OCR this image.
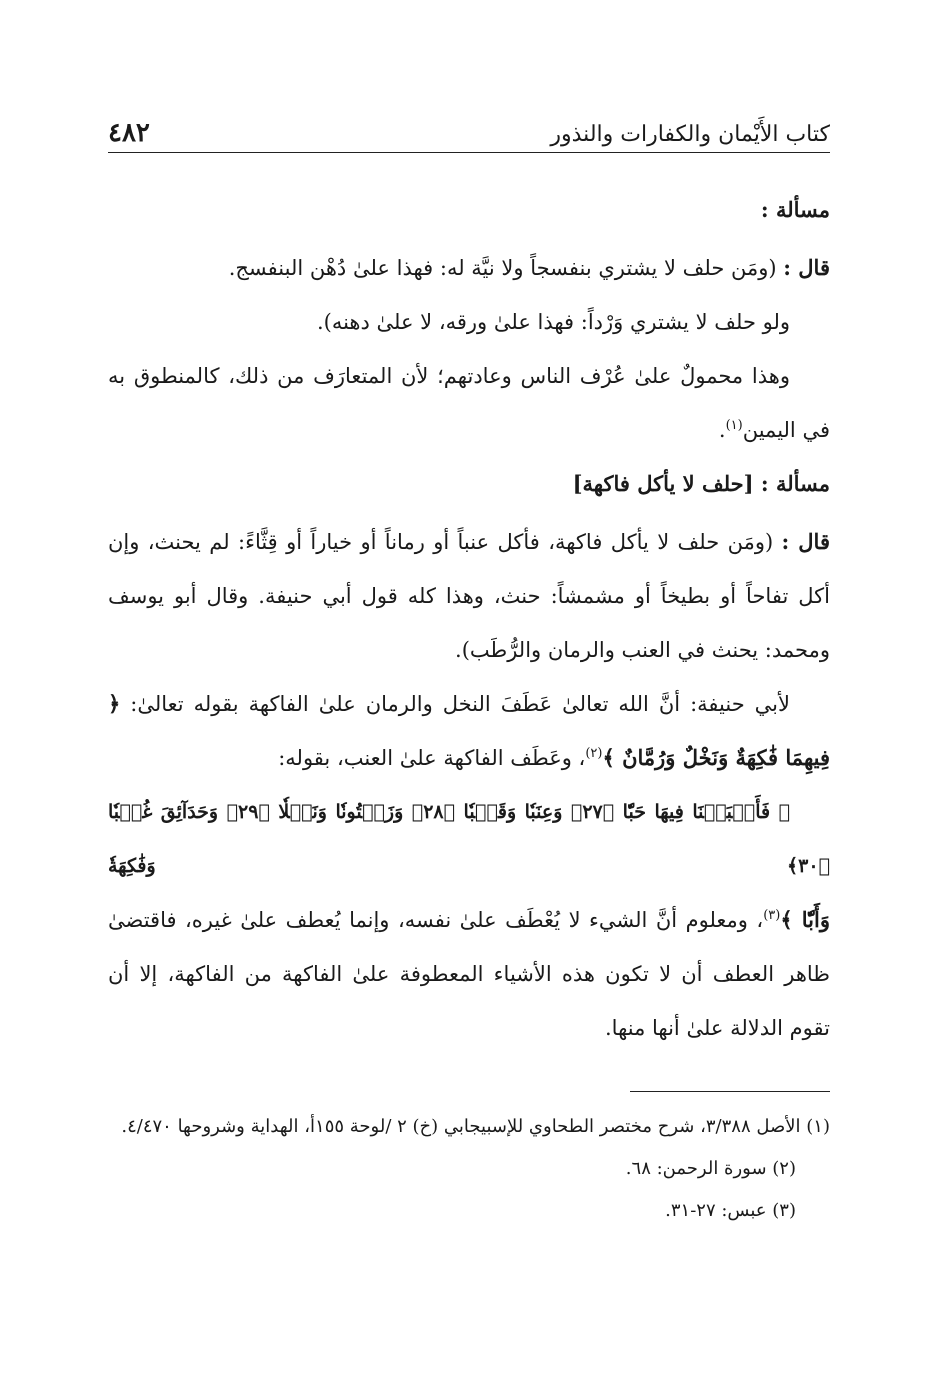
كتاب الأَيْمان والكفارات والنذور
٤٨٢

مسألة :

قال : (ومَن حلف لا يشتري بنفسجاً ولا نيَّة له: فهذا علىٰ دُهْن البنفسج.

ولو حلف لا يشتري وَرْداً: فهذا علىٰ ورقه، لا علىٰ دهنه).

وهذا محمولٌ علىٰ عُرْف الناس وعادتهم؛ لأن المتعارَف من ذلك، كالمنطوق به في اليمين$^{(١)}$.

مسألة : [حلف لا يأكل فاكهة]

قال : (ومَن حلف لا يأكل فاكهة، فأكل عنباً أو رماناً أو خياراً أو قِثَّاءً: لم يحنث، وإن أكل تفاحاً أو بطيخاً أو مشمشاً: حنث، وهذا كله قول أبي حنيفة. وقال أبو يوسف ومحمد: يحنث في العنب والرمان والرُّطَب).

لأبي حنيفة: أنَّ الله تعالىٰ عَطَفَ النخل والرمان علىٰ الفاكهة بقوله تعالىٰ: ﴿ فِيهِمَا فَٰكِهَةٌ وَنَخْلٌ وَرُمَّانٌ ﴾$^{(٢)}$، وعَطَف الفاكهة علىٰ العنب، بقوله:
﴿ فَأَنۢبَتۡنَا فِيهَا حَبّٗا ﴿٢٧﴾ وَعِنَبٗا وَقَضۡبٗا ﴿٢٨﴾ وَزَيۡتُونٗا وَنَخۡلٗا ﴿٢٩﴾ وَحَدَآئِقَ غُلۡبٗا ﴿٣٠﴾ وَفَٰكِهَةٗ
وَأَبّٗا ﴾$^{(٣)}$، ومعلوم أنَّ الشيء لا يُعْطَف علىٰ نفسه، وإنما يُعطف علىٰ غيره، فاقتضىٰ ظاهر العطف أن لا تكون هذه الأشياء المعطوفة علىٰ الفاكهة من الفاكهة، إلا أن تقوم الدلالة علىٰ أنها منها.

(١) الأصل ٣/٣٨٨، شرح مختصر الطحاوي للإسبيجابي (خ) ٢ /لوحة ١٥٥أ، الهداية وشروحها ٤/٤٧٠.

(٢) سورة الرحمن: ٦٨.

(٣) عبس: ٢٧-٣١.
